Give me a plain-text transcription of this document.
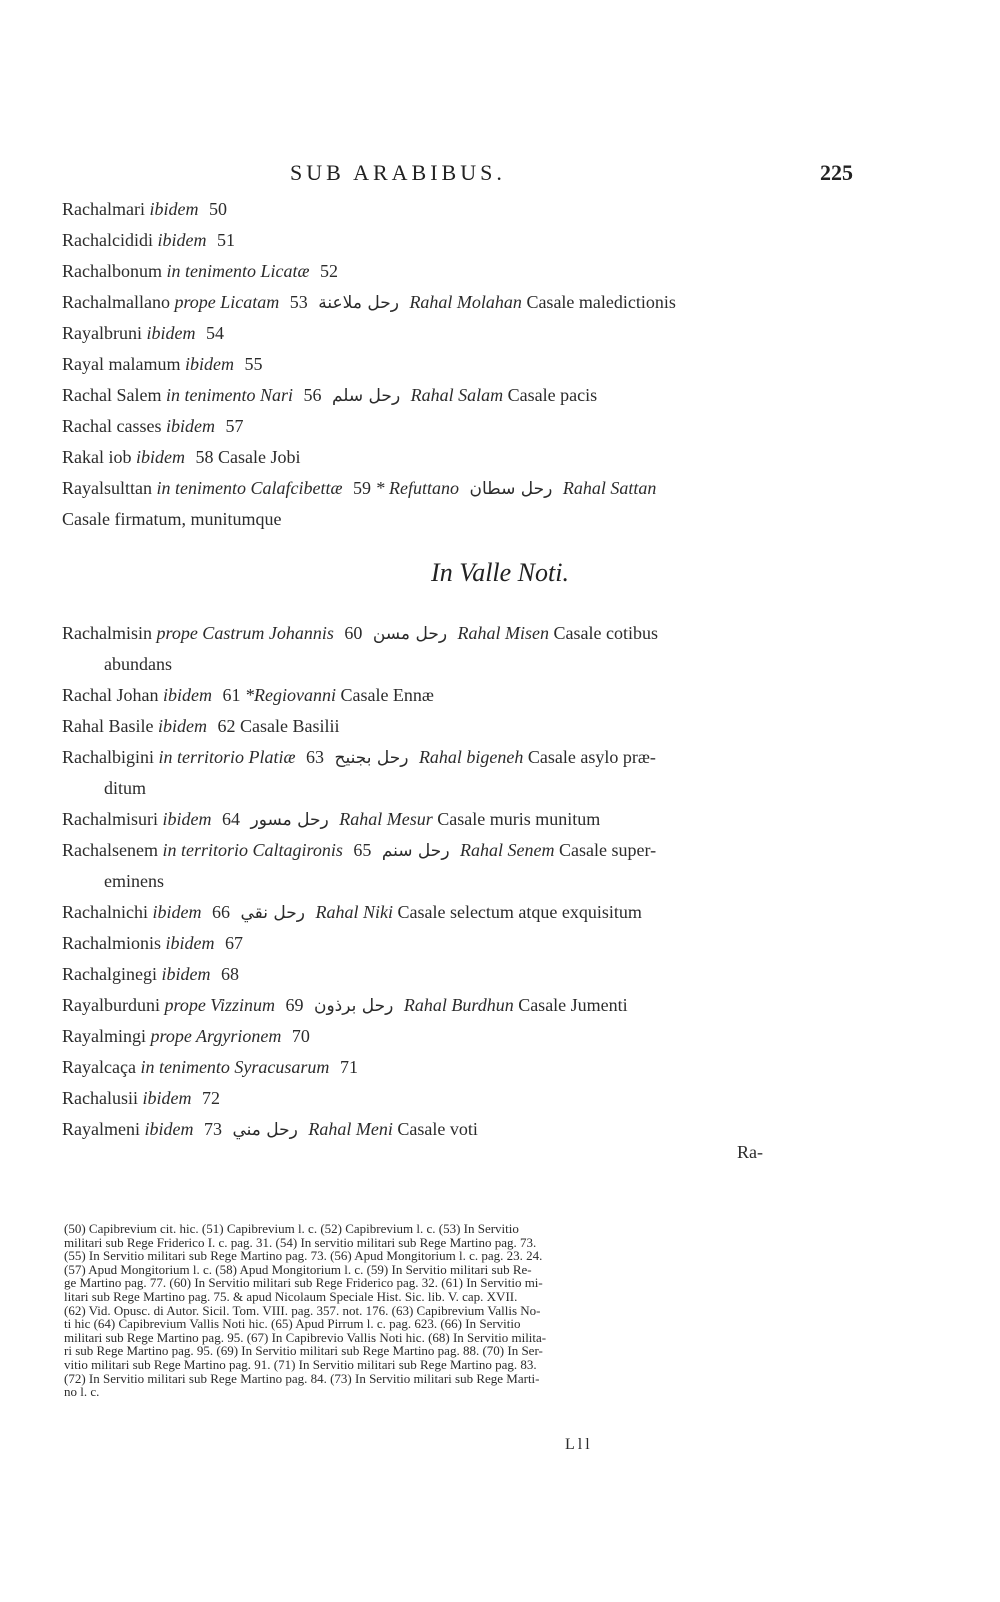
SUB ARABIBUS.	225
Rachalmari ibidem 50
Rachalcididi ibidem 51
Rachalbonum in tenimento Licatæ 52
Rachalmallano prope Licatam 53 رحل ملاعنة Rahal Molahan Casale maledictionis
Rayalbruni ibidem 54
Rayal malamum ibidem 55
Rachal Salem in tenimento Nari 56 رحل سلم Rahal Salam Casale pacis
Rachal casses ibidem 57
Rakal iob ibidem 58 Casale Jobi
Rayalsulttan in tenimento Calafcibettæ 59 * Refuttano رحل سطان Rahal Sattan
Casale firmatum, munitumque
In Valle Noti.
Rachalmisin prope Castrum Johannis 60 رحل مسن Rahal Misen Casale cotibus
abundans
Rachal Johan ibidem 61 *Regiovanni Casale Ennæ
Rahal Basile ibidem 62 Casale Basilii
Rachalbigini in territorio Platiæ 63 رحل بجنيح Rahal bigeneh Casale asylo præ-
ditum
Rachalmisuri ibidem 64 رحل مسور Rahal Mesur Casale muris munitum
Rachalsenem in territorio Caltagironis 65 رحل سنم Rahal Senem Casale super-
eminens
Rachalnichi ibidem 66 رحل نقي Rahal Niki Casale selectum atque exquisitum
Rachalmionis ibidem 67
Rachalginegi ibidem 68
Rayalburduni prope Vizzinum 69 رحل برذون Rahal Burdhun Casale Jumenti
Rayalmingi prope Argyrionem 70
Rayalcaça in tenimento Syracusarum 71
Rachalusii ibidem 72
Rayalmeni ibidem 73 رحل مني Rahal Meni Casale voti
Ra-

(50) Capibrevium cit. hic. (51) Capibrevium l. c. (52) Capibrevium l. c. (53) In Servitio

militari sub Rege Friderico I. c. pag. 31. (54) In servitio militari sub Rege Martino pag. 73.

(55) In Servitio militari sub Rege Martino pag. 73. (56) Apud Mongitorium l. c. pag. 23. 24.

(57) Apud Mongitorium l. c. (58) Apud Mongitorium l. c. (59) In Servitio militari sub Re-

ge Martino pag. 77. (60) In Servitio militari sub Rege Friderico pag. 32. (61) In Servitio mi-

litari sub Rege Martino pag. 75. & apud Nicolaum Speciale Hist. Sic. lib. V. cap. XVII.

(62) Vid. Opusc. di Autor. Sicil. Tom. VIII. pag. 357. not. 176. (63) Capibrevium Vallis No-

ti hic (64) Capibrevium Vallis Noti hic. (65) Apud Pirrum l. c. pag. 623. (66) In Servitio

militari sub Rege Martino pag. 95. (67) In Capibrevio Vallis Noti hic. (68) In Servitio milita-

ri sub Rege Martino pag. 95. (69) In Servitio militari sub Rege Martino pag. 88. (70) In Ser-

vitio militari sub Rege Martino pag. 91. (71) In Servitio militari sub Rege Martino pag. 83.

(72) In Servitio militari sub Rege Martino pag. 84. (73) In Servitio militari sub Rege Marti-

no l. c.

Lll
